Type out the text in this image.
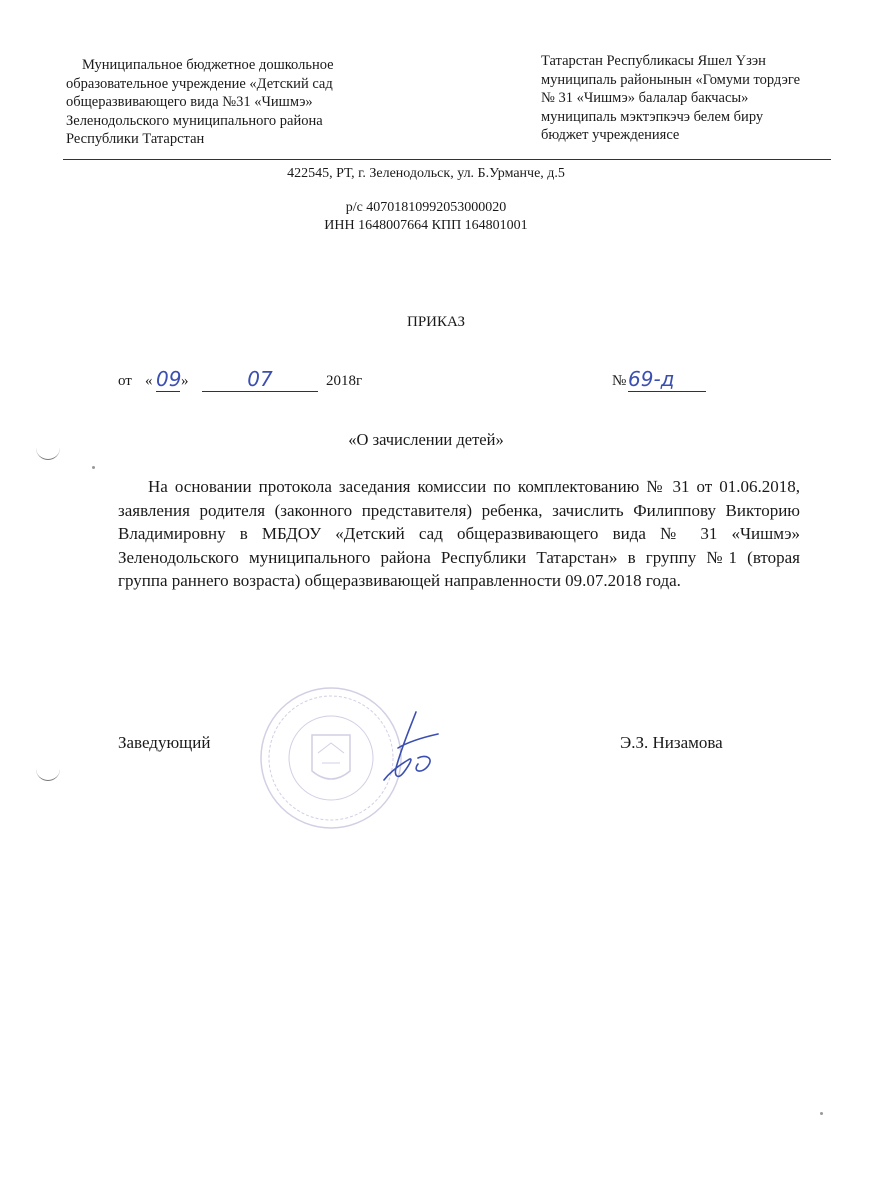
Муниципальное бюджетное дошкольное
образовательное учреждение «Детский сад
общеразвивающего вида №31 «Чишмэ»
Зеленодольского муниципального района
Республики Татарстан
Татарстан Республикасы Яшел Үзэн
муниципаль районынын «Гомуми тордэге
№ 31 «Чишмэ» балалар бакчасы»
муниципаль мэктэпкэчэ белем биру
бюджет учреждениясе
422545, РТ, г. Зеленодольск, ул. Б.Урманче, д.5
р/с 40701810992053000020
ИНН 1648007664 КПП 164801001
ПРИКАЗ
от « 09 »	07	2018г	№ 69-д
«О зачислении детей»
На основании протокола заседания комиссии по комплектованию № 31 от 01.06.2018, заявления родителя (законного представителя) ребенка, зачислить Филиппову Викторию Владимировну в МБДОУ «Детский сад общеразвивающего вида № 31 «Чишмэ» Зеленодольского муниципального района Республики Татарстан» в группу №1 (вторая группа раннего возраста) общеразвивающей направленности 09.07.2018 года.
Заведующий	Э.З. Низамова
